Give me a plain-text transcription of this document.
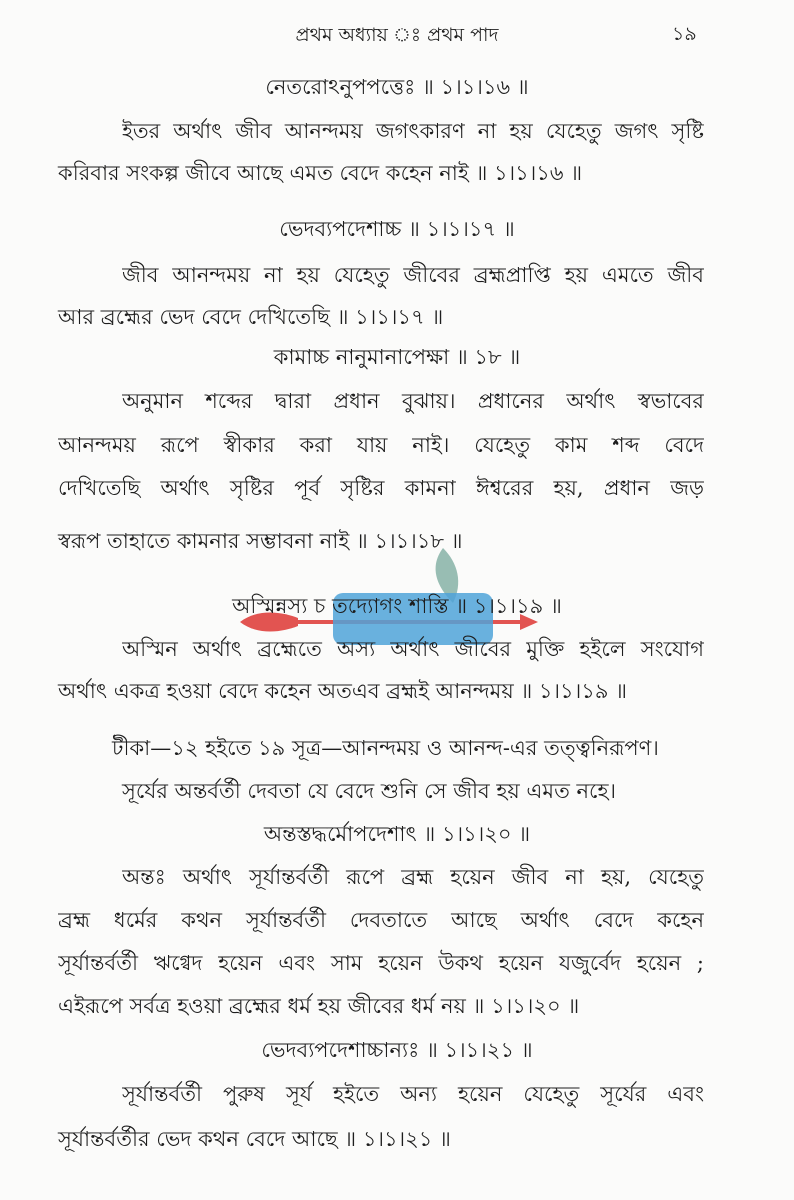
প্রথম অধ্যায় ঃ প্রথম পাদ	১৯
নেতরোঽনুপপত্তেঃ ॥ ১।১।১৬ ॥
ইতর অর্থাৎ জীব আনন্দময় জগৎকারণ না হয় যেহেতু জগৎ সৃষ্টি
করিবার সংকল্প জীবে আছে এমত বেদে কহেন নাই ॥ ১।১।১৬ ॥
ভেদব্যপদেশাচ্চ ॥ ১।১।১৭ ॥
জীব আনন্দময় না হয় যেহেতু জীবের ব্রহ্মপ্রাপ্তি হয় এমতে জীব
আর ব্রহ্মের ভেদ বেদে দেখিতেছি ॥ ১।১।১৭ ॥
কামাচ্চ নানুমানাপেক্ষা ॥ ১৮ ॥
অনুমান শব্দের দ্বারা প্রধান বুঝায়। প্রধানের অর্থাৎ স্বভাবের
আনন্দময় রূপে স্বীকার করা যায় নাই। যেহেতু কাম শব্দ বেদে
দেখিতেছি অর্থাৎ সৃষ্টির পূর্ব সৃষ্টির কামনা ঈশ্বরের হয়, প্রধান জড়
স্বরূপ তাহাতে কামনার সম্ভাবনা নাই ॥ ১।১।১৮ ॥
অস্মিন্নস্য চ তদ্যোগং শাস্তি ॥ ১।১।১৯ ॥
অস্মিন অর্থাৎ ব্রহ্মেতে অস্য অর্থাৎ জীবের মুক্তি হইলে সংযোগ
অর্থাৎ একত্র হওয়া বেদে কহেন অতএব ব্রহ্মই আনন্দময় ॥ ১।১।১৯ ॥
টীকা—১২ হইতে ১৯ সূত্র—আনন্দময় ও আনন্দ-এর তত্ত্বনিরূপণ।
সূর্যের অন্তর্বর্তী দেবতা যে বেদে শুনি সে জীব হয় এমত নহে।
অন্তস্তদ্ধর্মোপদেশাৎ ॥ ১।১।২০ ॥
অন্তঃ অর্থাৎ সূর্যান্তর্বর্তী রূপে ব্রহ্ম হয়েন জীব না হয়, যেহেতু
ব্রহ্ম ধর্মের কথন সূর্যান্তর্বর্তী দেবতাতে আছে অর্থাৎ বেদে কহেন
সূর্যান্তর্বর্তী ঋগ্বেদ হয়েন এবং সাম হয়েন উকথ হয়েন যজুর্বেদ হয়েন ;
এইরূপে সর্বত্র হওয়া ব্রহ্মের ধর্ম হয় জীবের ধর্ম নয় ॥ ১।১।২০ ॥
ভেদব্যপদেশাচ্চান্যঃ ॥ ১।১।২১ ॥
সূর্যান্তর্বর্তী পুরুষ সূর্য হইতে অন্য হয়েন যেহেতু সূর্যের এবং
সূর্যান্তর্বর্তীর ভেদ কথন বেদে আছে ॥ ১।১।২১ ॥
